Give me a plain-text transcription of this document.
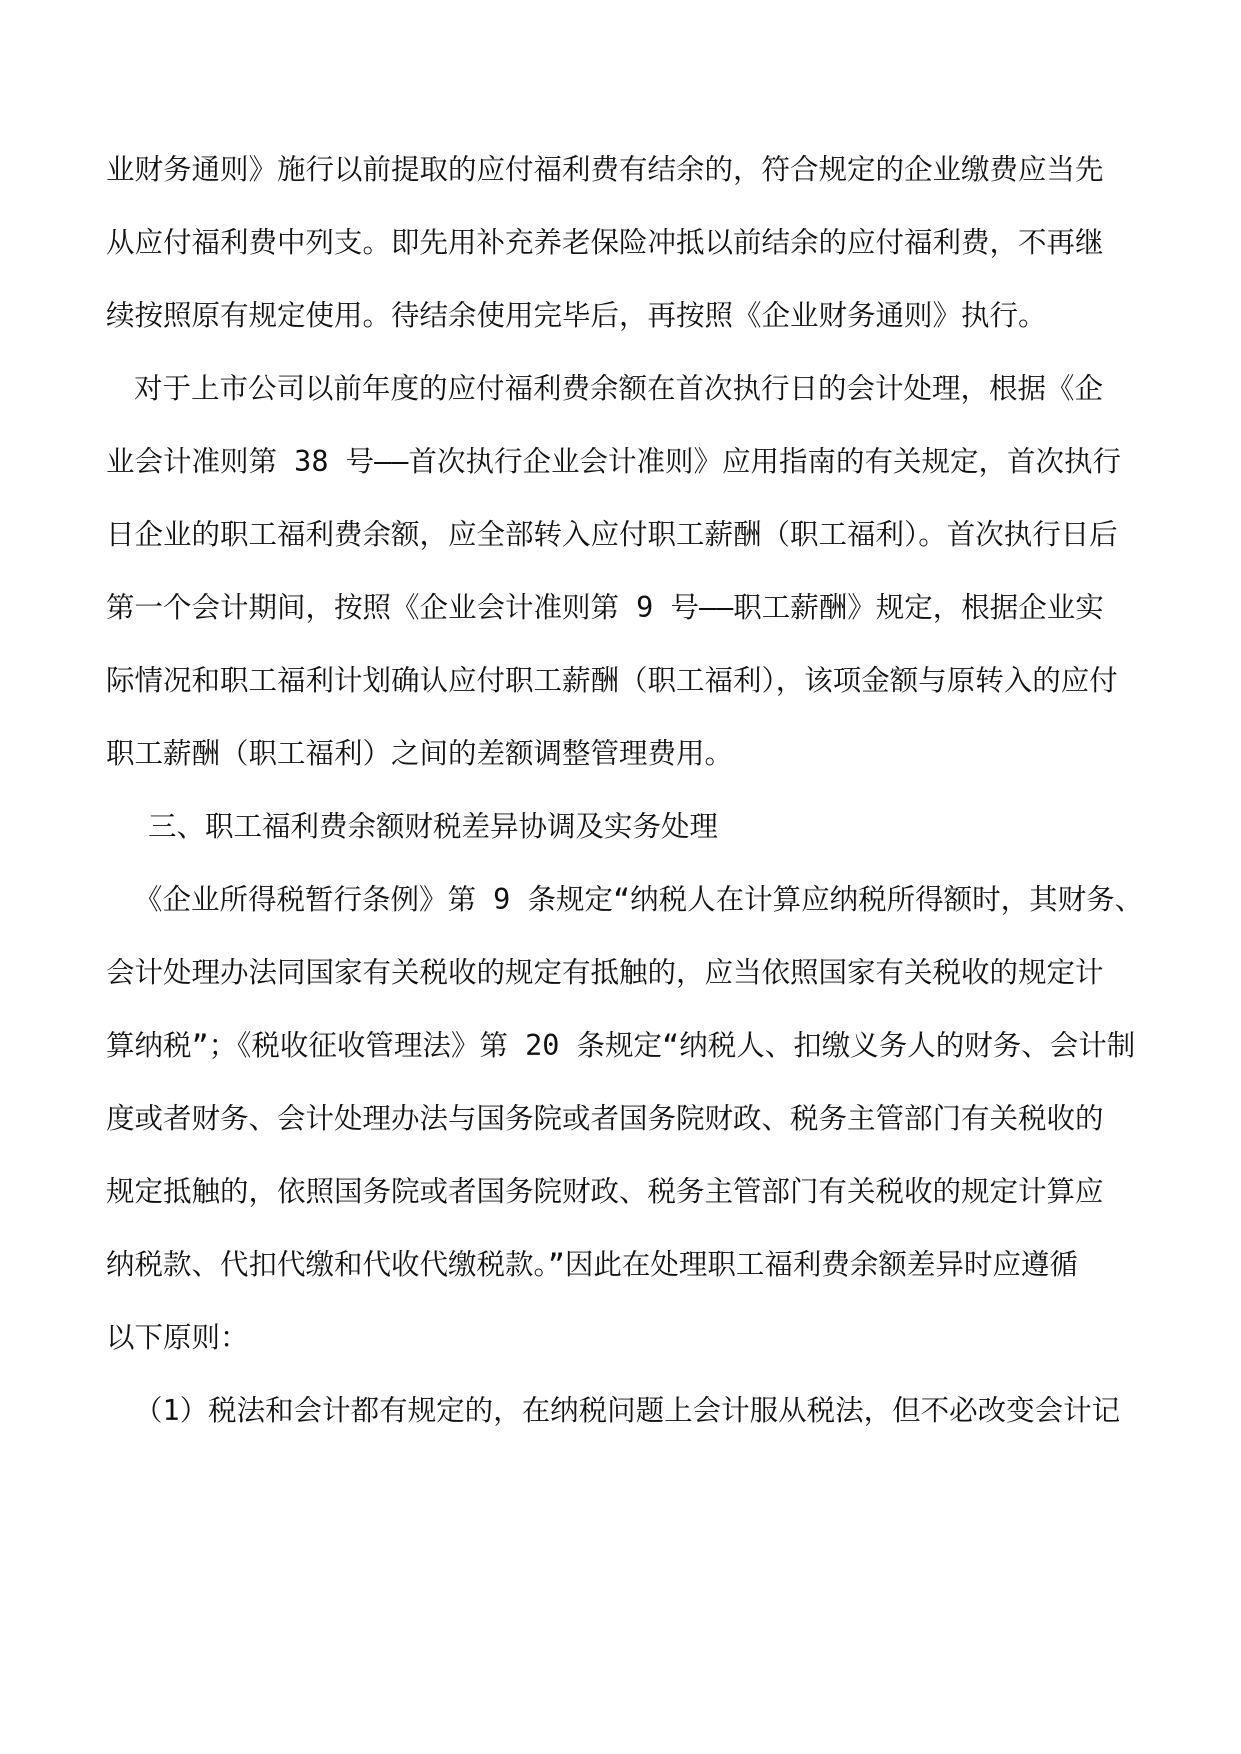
业财务通则》施行以前提取的应付福利费有结余的，符合规定的企业缴费应当先
从应付福利费中列支。即先用补充养老保险冲抵以前结余的应付福利费，不再继
续按照原有规定使用。待结余使用完毕后，再按照《企业财务通则》执行。
对于上市公司以前年度的应付福利费余额在首次执行日的会计处理，根据《企
业会计准则第 38 号——首次执行企业会计准则》应用指南的有关规定，首次执行
日企业的职工福利费余额，应全部转入应付职工薪酬（职工福利）。首次执行日后
第一个会计期间，按照《企业会计准则第 9 号——职工薪酬》规定，根据企业实
际情况和职工福利计划确认应付职工薪酬（职工福利），该项金额与原转入的应付
职工薪酬（职工福利）之间的差额调整管理费用。
三、职工福利费余额财税差异协调及实务处理
《企业所得税暂行条例》第 9 条规定“纳税人在计算应纳税所得额时，其财务、
会计处理办法同国家有关税收的规定有抵触的，应当依照国家有关税收的规定计
算纳税”；《税收征收管理法》第 20 条规定“纳税人、扣缴义务人的财务、会计制
度或者财务、会计处理办法与国务院或者国务院财政、税务主管部门有关税收的
规定抵触的，依照国务院或者国务院财政、税务主管部门有关税收的规定计算应
纳税款、代扣代缴和代收代缴税款。”因此在处理职工福利费余额差异时应遵循
以下原则：
（1）税法和会计都有规定的，在纳税问题上会计服从税法，但不必改变会计记
